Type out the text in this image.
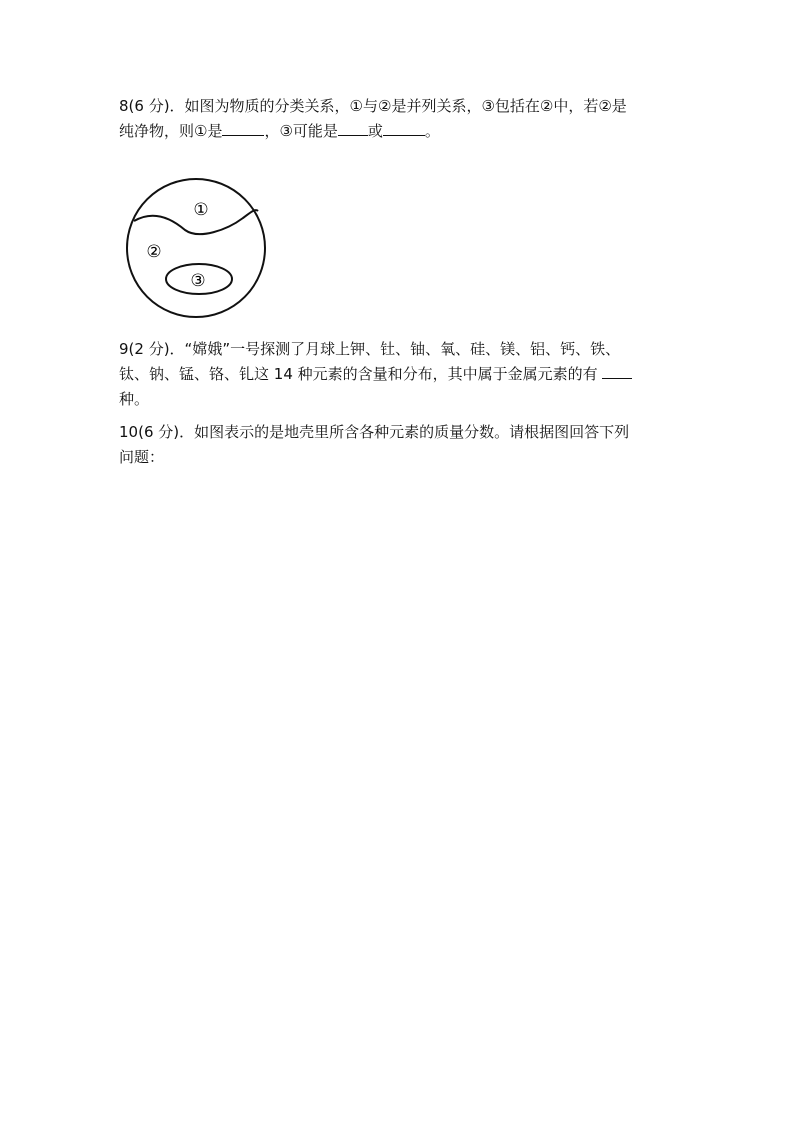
8(6 分)．如图为物质的分类关系，①与②是并列关系，③包括在②中，若②是
纯净物，则①是	，③可能是 或	。
①
②
③
9(2 分)．“嫦娥”一号探测了月球上钾、钍、铀、氧、硅、镁、铝、钙、铁、
钛、钠、锰、铬、钆这 14 种元素的含量和分布，其中属于金属元素的有
种。
10(6 分)．如图表示的是地壳里所含各种元素的质量分数。请根据图回答下列
问题：
